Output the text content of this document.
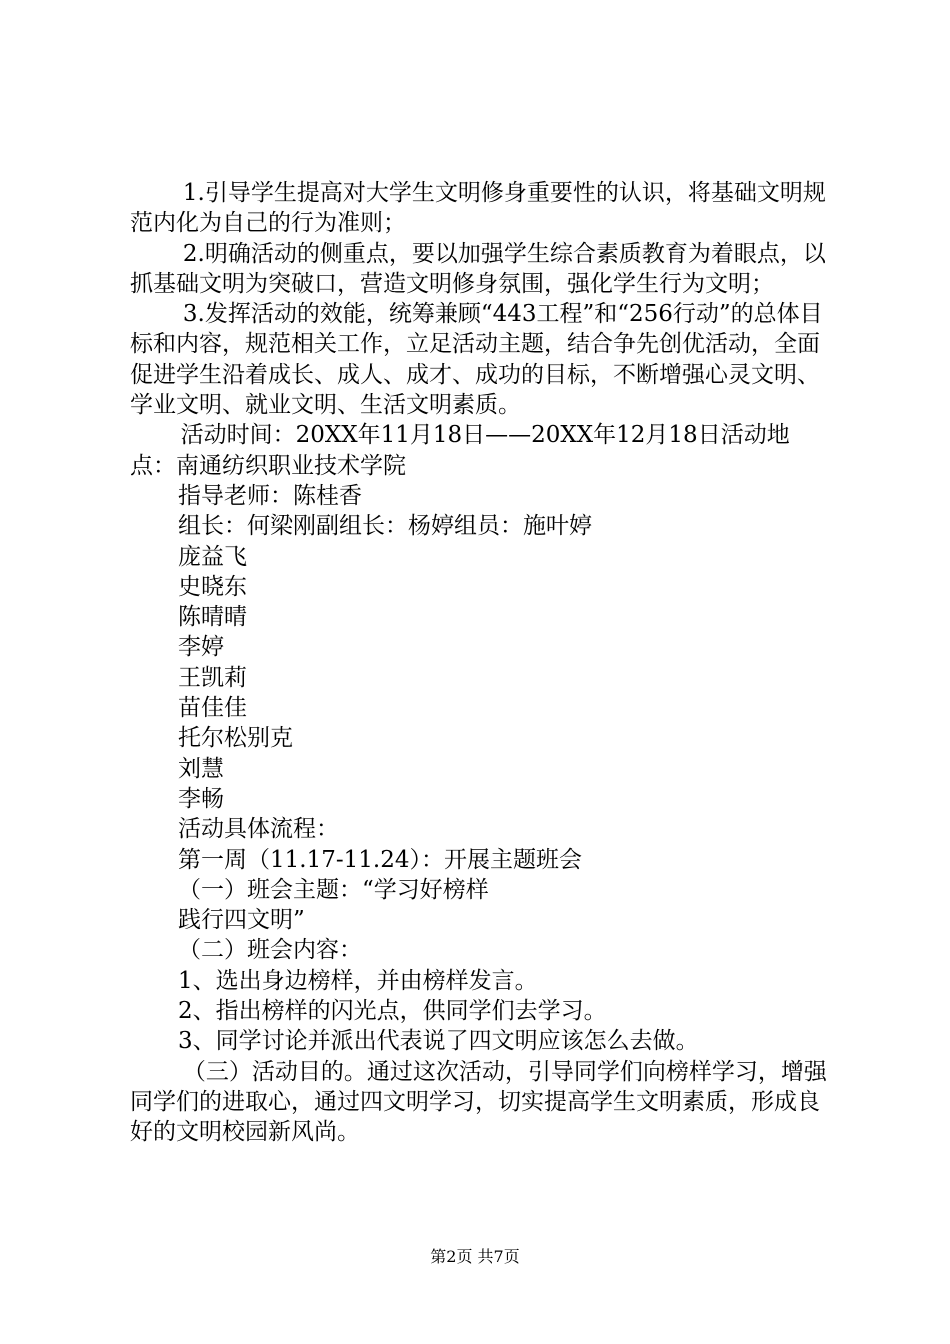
1.引导学生提高对大学生文明修身重要性的认识，将基础文明规范内化为自己的行为准则；

2.明确活动的侧重点，要以加强学生综合素质教育为着眼点，以抓基础文明为突破口，营造文明修身氛围，强化学生行为文明；

3.发挥活动的效能，统筹兼顾“443工程”和“256行动”的总体目标和内容，规范相关工作，立足活动主题，结合争先创优活动，全面促进学生沿着成长、成人、成才、成功的目标，不断增强心灵文明、学业文明、就业文明、生活文明素质。

活动时间：20XX年11月18日——20XX年12月18日活动地点：南通纺织职业技术学院

指导老师：陈桂香

组长：何梁刚副组长：杨婷组员：施叶婷

庞益飞

史晓东

陈晴晴

李婷

王凯莉

苗佳佳

托尔松别克

刘慧

李畅

活动具体流程：

第一周（11.17-11.24）：开展主题班会

（一）班会主题：“学习好榜样

践行四文明”

（二）班会内容：

1、选出身边榜样，并由榜样发言。

2、指出榜样的闪光点，供同学们去学习。

3、同学讨论并派出代表说了四文明应该怎么去做。

（三）活动目的。通过这次活动，引导同学们向榜样学习，增强同学们的进取心，通过四文明学习，切实提高学生文明素质，形成良好的文明校园新风尚。

第2页 共7页
